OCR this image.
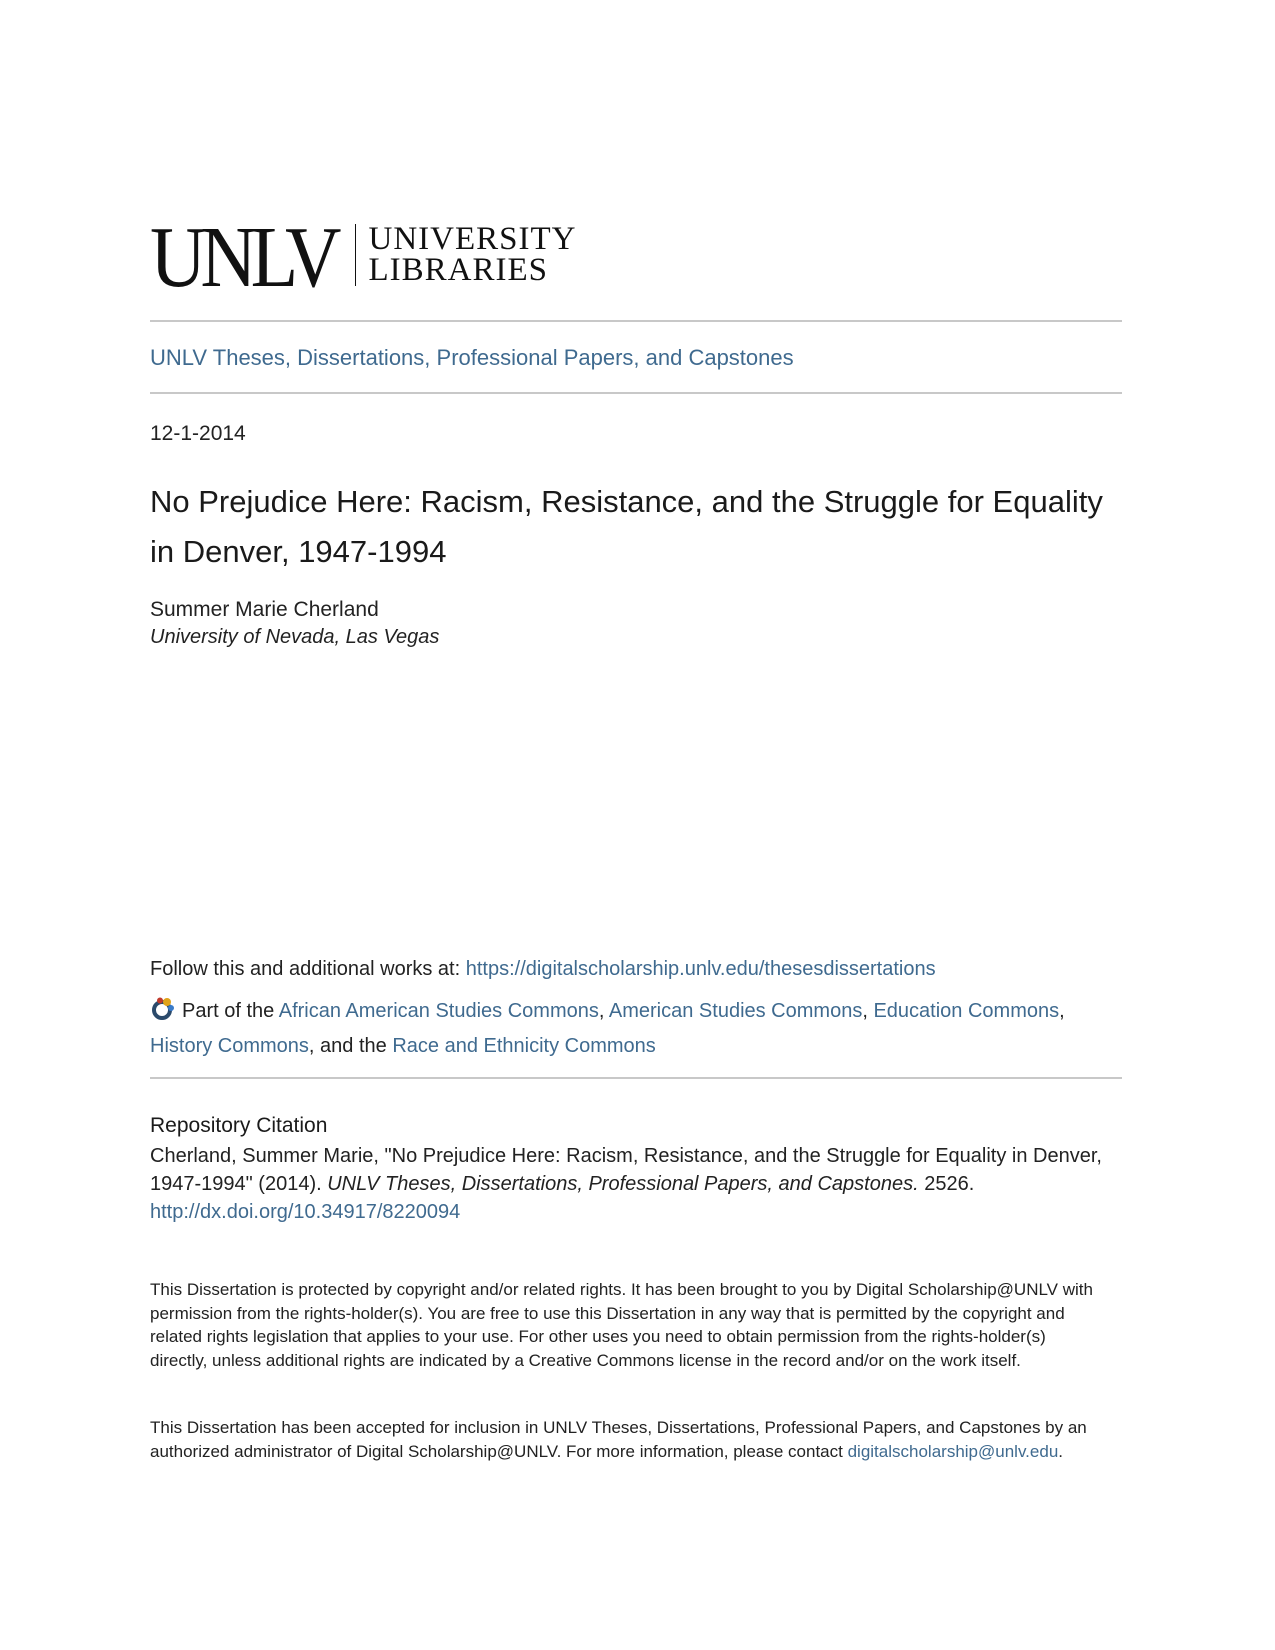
UNLV UNIVERSITY
LIBRARIES
UNLV Theses, Dissertations, Professional Papers, and Capstones
12-1-2014
No Prejudice Here: Racism, Resistance, and the Struggle for Equality in Denver, 1947-1994
Summer Marie Cherland
University of Nevada, Las Vegas
Follow this and additional works at: https://digitalscholarship.unlv.edu/thesesdissertations
Part of the African American Studies Commons, American Studies Commons, Education Commons,
History Commons, and the Race and Ethnicity Commons
Repository Citation
Cherland, Summer Marie, "No Prejudice Here: Racism, Resistance, and the Struggle for Equality in Denver, 1947-1994" (2014). UNLV Theses, Dissertations, Professional Papers, and Capstones. 2526.
http://dx.doi.org/10.34917/8220094
This Dissertation is protected by copyright and/or related rights. It has been brought to you by Digital Scholarship@UNLV with permission from the rights-holder(s). You are free to use this Dissertation in any way that is permitted by the copyright and related rights legislation that applies to your use. For other uses you need to obtain permission from the rights-holder(s) directly, unless additional rights are indicated by a Creative Commons license in the record and/or on the work itself.
This Dissertation has been accepted for inclusion in UNLV Theses, Dissertations, Professional Papers, and Capstones by an authorized administrator of Digital Scholarship@UNLV. For more information, please contact digitalscholarship@unlv.edu.
